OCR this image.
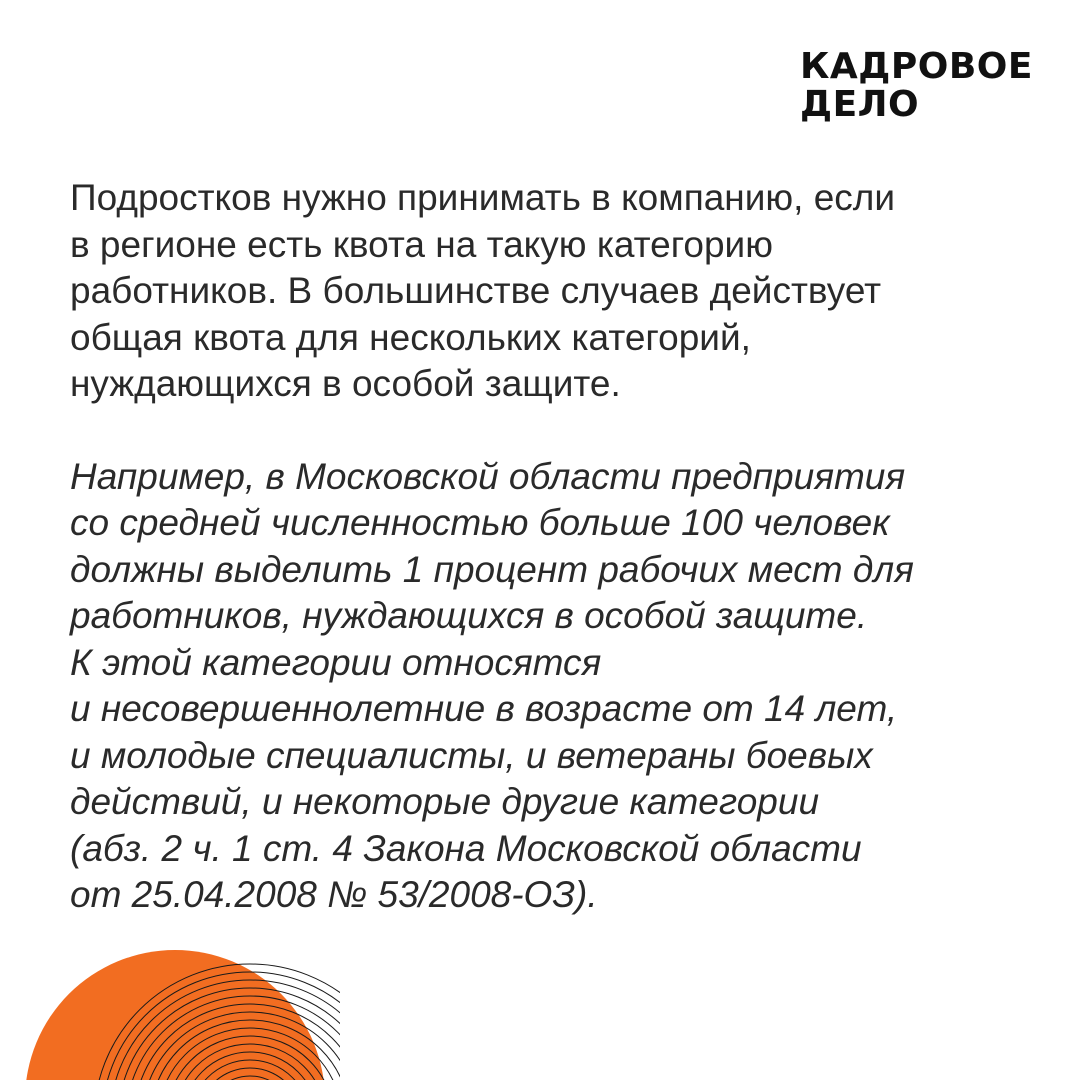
КАДРОВОЕ
ДЕЛО

Подростков нужно принимать в компанию, если
в регионе есть квота на такую категорию
работников. В большинстве случаев действует
общая квота для нескольких категорий,
нуждающихся в особой защите.

Например, в Московской области предприятия
со средней численностью больше 100 человек
должны выделить 1 процент рабочих мест для
работников, нуждающихся в особой защите.
К этой категории относятся
и несовершеннолетние в возрасте от 14 лет,
и молодые специалисты, и ветераны боевых
действий, и некоторые другие категории
(абз. 2 ч. 1 ст. 4 Закона Московской области
от 25.04.2008 № 53/2008-ОЗ).
